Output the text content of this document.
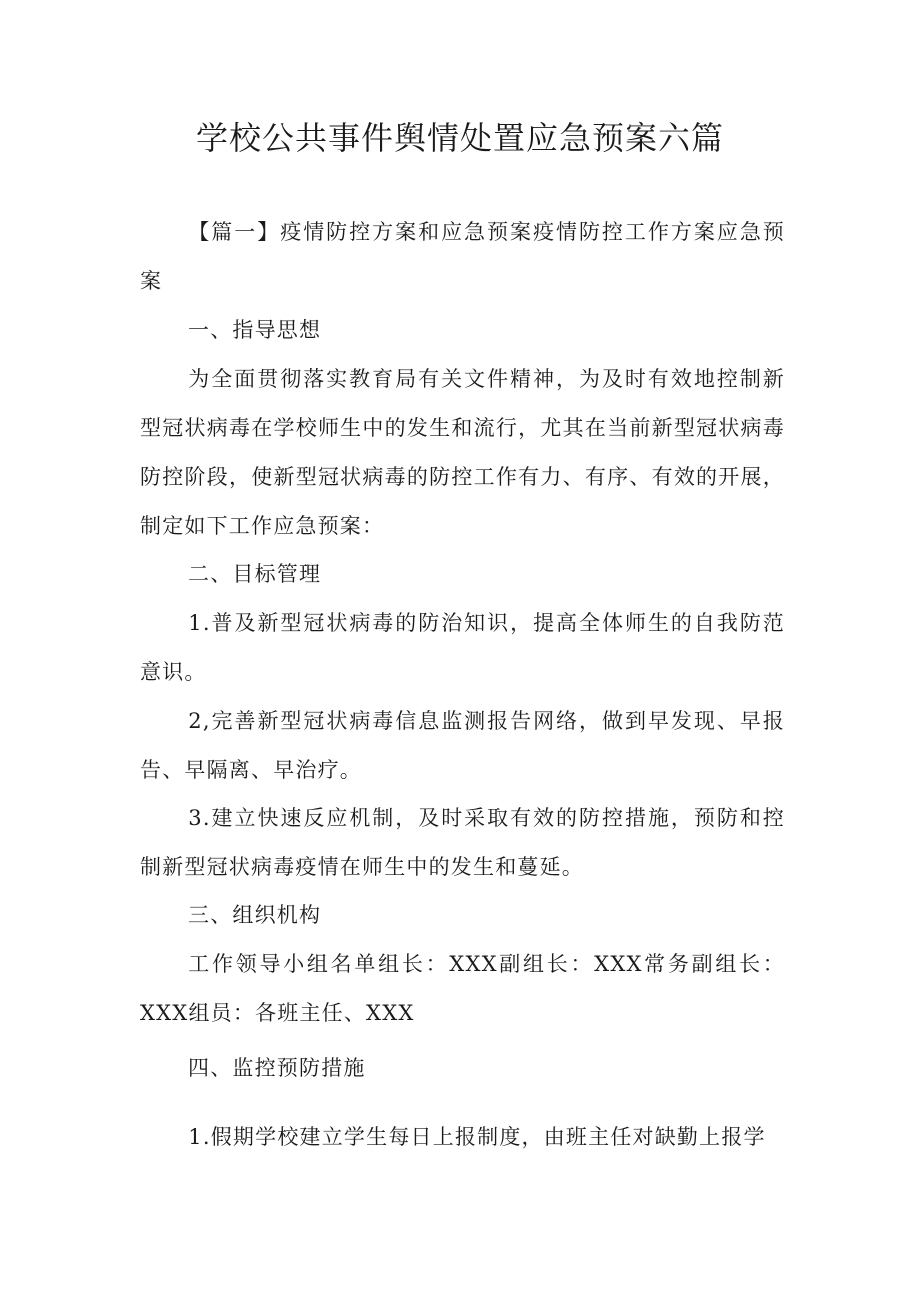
学校公共事件舆情处置应急预案六篇

【篇一】疫情防控方案和应急预案疫情防控工作方案应急预案

一、指导思想

为全面贯彻落实教育局有关文件精神，为及时有效地控制新型冠状病毒在学校师生中的发生和流行，尤其在当前新型冠状病毒防控阶段，使新型冠状病毒的防控工作有力、有序、有效的开展，制定如下工作应急预案：

二、目标管理

1.普及新型冠状病毒的防治知识，提高全体师生的自我防范意识。

2,完善新型冠状病毒信息监测报告网络，做到早发现、早报告、早隔离、早治疗。

3.建立快速反应机制，及时采取有效的防控措施，预防和控制新型冠状病毒疫情在师生中的发生和蔓延。

三、组织机构

工作领导小组名单组长：XXX副组长：XXX常务副组长：XXX组员：各班主任、XXX

四、监控预防措施

1.假期学校建立学生每日上报制度，由班主任对缺勤上报学
